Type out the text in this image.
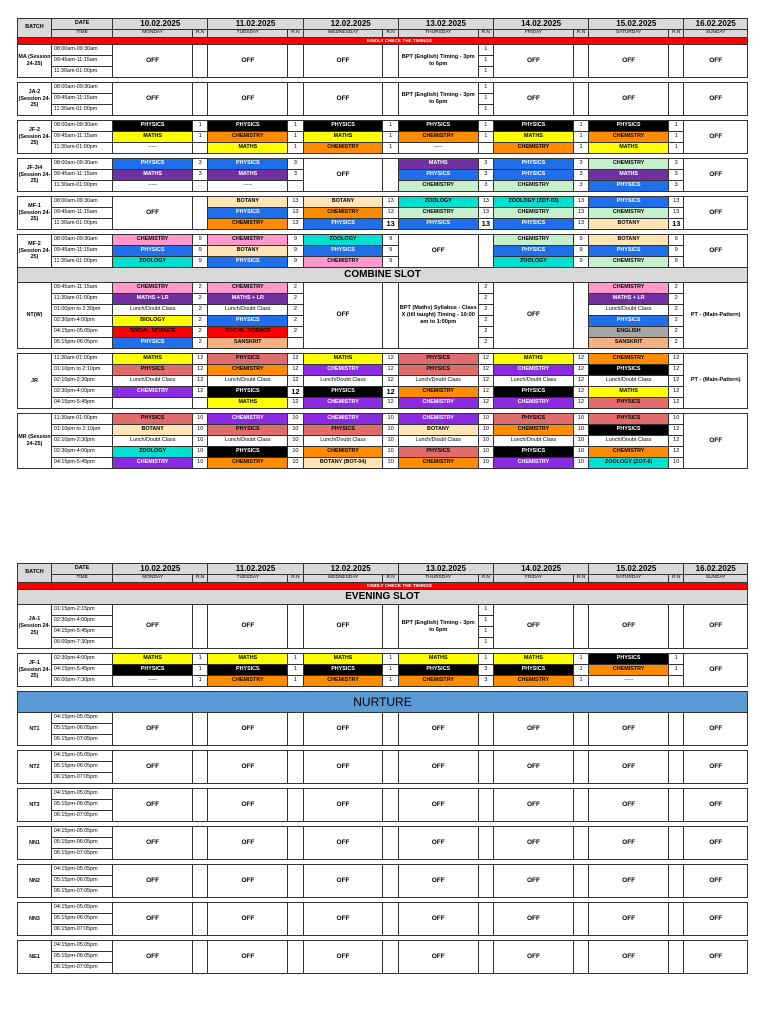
BATCH	DATE	10.02.2025		11.02.2025		12.02.2025		13.02.2025		14.02.2025		15.02.2025		16.02.2025
	TIME	MONDAY	R.N	TUESDAY	R.N	WEDNESDAY	R.N	THURSDAY	R.N	FRIDAY	R.N	SATURDAY	R.N	SUNDAY
	KINDLY CHECK THE TIMINGS													
MA (Session 24-25)	08:00am-09:30am	OFF		OFF		OFF		BPT (English) Timing - 3pm to 6pm	1	OFF		OFF		OFF
	09:45am-11:15am								1					
	11:30am-01:00pm								1					

JA-2 (Session 24-25)	08:00am-09:30am	OFF		OFF		OFF		BPT (English) Timing - 3pm to 6pm	1	OFF		OFF		OFF
	09:45am-11:15am								1					
	11:30am-01:00pm								1					

JF-2 (Session 24-25)	08:00am-09:30am	PHYSICS	1	PHYSICS	1	PHYSICS	1	PHYSICS	1	PHYSICS	1	PHYSICS	1	OFF
	09:45am-11:15am	MATHS	1	CHEMISTRY	1	MATHS	1	CHEMISTRY	1	MATHS	1	CHEMISTRY	1	
	11:30am-01:00pm	-----		MATHS	1	CHEMISTRY	1	-----		CHEMISTRY	1	MATHS	1	

JF-3/4 (Session 24-25)	08:00am-09:30am	PHYSICS	3	PHYSICS	3	OFF		MATHS	3	PHYSICS	3	CHEMISTRY	3	OFF
	09:45am-11:15am	MATHS	3	MATHS	3			PHYSICS	3	PHYSICS	3	MATHS	3	
	11:30am-01:00pm	-----		-----				CHEMISTRY	3	CHEMISTRY	3	PHYSICS	3	

MF-1 (Session 24-25)	08:00am-09:30am	OFF		BOTANY	13	BOTANY	13	ZOOLOGY	13	ZOOLOGY (ZOT-03)	13	PHYSICS	13	OFF
	09:45am-11:15am			PHYSICS	13	CHEMISTRY	13	CHEMISTRY	13	CHEMISTRY	13	CHEMISTRY	13	
	11:30am-01:00pm			CHEMISTRY	13	PHYSICS	13	PHYSICS	13	PHYSICS	13	BOTANY	13	

MF-2 (Session 24-25)	08:00am-09:30am	CHEMISTRY	9	CHEMISTRY	9	ZOOLOGY	9	OFF		CHEMISTRY	9	BOTANY	9	OFF
	09:45am-11:15am	PHYSICS	9	BOTANY	9	PHYSICS	9			PHYSICS	9	PHYSICS	9	
	11:30am-01:00pm	ZOOLOGY	9	PHYSICS	9	CHEMISTRY	9			ZOOLOGY	9	CHEMISTRY	9	
COMBINE SLOT														
NT(W)	09:45am-11:15am	CHEMISTRY	2	CHEMISTRY	2	OFF		BPT (Maths) Syllabus - Class X (till taught) Timing - 10:00 am to 1:00pm	2	OFF		CHEMISTRY	2	PT - (Main-Pattern)
	11:30am-01:00pm	MATHS + LR	2	MATHS + LR	2				2			MATHS + LR	2	
	01:00pm to 2:30pm	Lunch/Doubt Class	2	Lunch/Doubt Class	2				2			Lunch/Doubt Class	2	
	02:30pm-4:00pm	BIOLOGY	2	PHYSICS	2				2			PHYSICS	2	
	04:15pm-05:05pm	SOCIAL SCIENCE	2	SOCIAL SCIENCE	2				2			ENGLISH	2	
	05:15pm-06:05pm	PHYSICS	2	SANSKRIT					2			SANSKRIT	2	

JR	11:30am-01:00pm	MATHS	12	PHYSICS	12	MATHS	12	PHYSICS	12	MATHS	12	CHEMISTRY	12	PT - (Main-Pattern)
	01:10pm to 2:10pm	PHYSICS	12	CHEMISTRY	12	CHEMISTRY	12	PHYSICS	12	CHEMISTRY	12	PHYSICS	12	
	02:10pm-2:30pm	Lunch/Doubt Class	12	Lunch/Doubt Class	12	Lunch/Doubt Class	12	Lunch/Doubt Class	12	Lunch/Doubt Class	12	Lunch/Doubt Class	12	
	02:30pm-4:00pm	CHEMISTRY	12	PHYSICS	12	PHYSICS	12	CHEMISTRY	12	PHYSICS	12	MATHS	12	
	04:15pm-5:45pm			MATHS	12	CHEMISTRY	12	CHEMISTRY	12	CHEMISTRY	12	PHYSICS	12	

MR (Session 24-25)	11:30am-01:00pm	PHYSICS	10	CHEMISTRY	10	CHEMISTRY	10	CHEMISTRY	10	PHYSICS	10	PHYSICS	10	OFF
	01:10pm to 2:10pm	BOTANY	10	PHYSICS	10	PHYSICS	10	BOTANY	10	CHEMISTRY	10	PHYSICS	12	
	02:10pm-2:30pm	Lunch/Doubt Class	10	Lunch/Doubt Class	10	Lunch/Doubt Class	10	Lunch/Doubt Class	10	Lunch/Doubt Class	10	Lunch/Doubt Class	12	
	02:30pm-4:00pm	ZOOLOGY	10	PHYSICS	10	CHEMISTRY	10	PHYSICS	10	PHYSICS	10	CHEMISTRY	12	
	04:15pm-5:45pm	CHEMISTRY	10	CHEMISTRY	10	BOTANY (BOT-04)	10	CHEMISTRY	10	CHEMISTRY	10	ZOOLOGY (ZOT-6)	10	
BATCH	DATE	10.02.2025		11.02.2025		12.02.2025		13.02.2025		14.02.2025		15.02.2025		16.02.2025
	TIME	MONDAY	R.N	TUESDAY	R.N	WEDNESDAY	R.N	THURSDAY	R.N	FRIDAY	R.N	SATURDAY	R.N	SUNDAY
	KINDLY CHECK THE TIMINGS													
EVENING SLOT														
JA-1 (Session 24-25)	01:15pm-2:15pm	OFF		OFF		OFF		BPT (English) Timing - 3pm to 6pm	1	OFF		OFF		OFF
	02:30pm-4:00pm								1					
	04:15pm-5:45pm								1					
	06:00pm-7:30pm								1					

JF-1 (Session 24-25)	02:30pm-4:00pm	MATHS	1	MATHS	1	MATHS	1	MATHS	1	MATHS	1	PHYSICS	1	OFF
	04:15pm-5:45pm	PHYSICS	1	PHYSICS	1	PHYSICS	1	PHYSICS	3	PHYSICS	1	CHEMISTRY	1	
	06:00pm-7:30pm	-----	1	CHEMISTRY	1	CHEMISTRY	1	CHEMISTRY	3	CHEMISTRY	1	-----		

NURTURE														
NT1	04:15pm-05:05pm	OFF		OFF		OFF		OFF		OFF		OFF		OFF
	05:15pm-06:05pm													
	06:15pm-07:05pm													

NT2	04:15pm-05:05pm	OFF		OFF		OFF		OFF		OFF		OFF		OFF
	05:15pm-06:05pm													
	06:15pm-07:05pm													

NT3	04:15pm-05:05pm	OFF		OFF		OFF		OFF		OFF		OFF		OFF
	05:15pm-06:05pm													
	06:15pm-07:05pm													

NN1	04:15pm-05:05pm	OFF		OFF		OFF		OFF		OFF		OFF		OFF
	05:15pm-06:05pm													
	06:15pm-07:05pm													

NN2	04:15pm-05:05pm	OFF		OFF		OFF		OFF		OFF		OFF		OFF
	05:15pm-06:05pm													
	06:15pm-07:05pm													

NN3	04:15pm-05:05pm	OFF		OFF		OFF		OFF		OFF		OFF		OFF
	05:15pm-06:05pm													
	06:15pm-07:05pm													

NE1	04:15pm-05:05pm	OFF		OFF		OFF		OFF		OFF		OFF		OFF
	05:15pm-06:05pm													
	06:15pm-07:05pm													
